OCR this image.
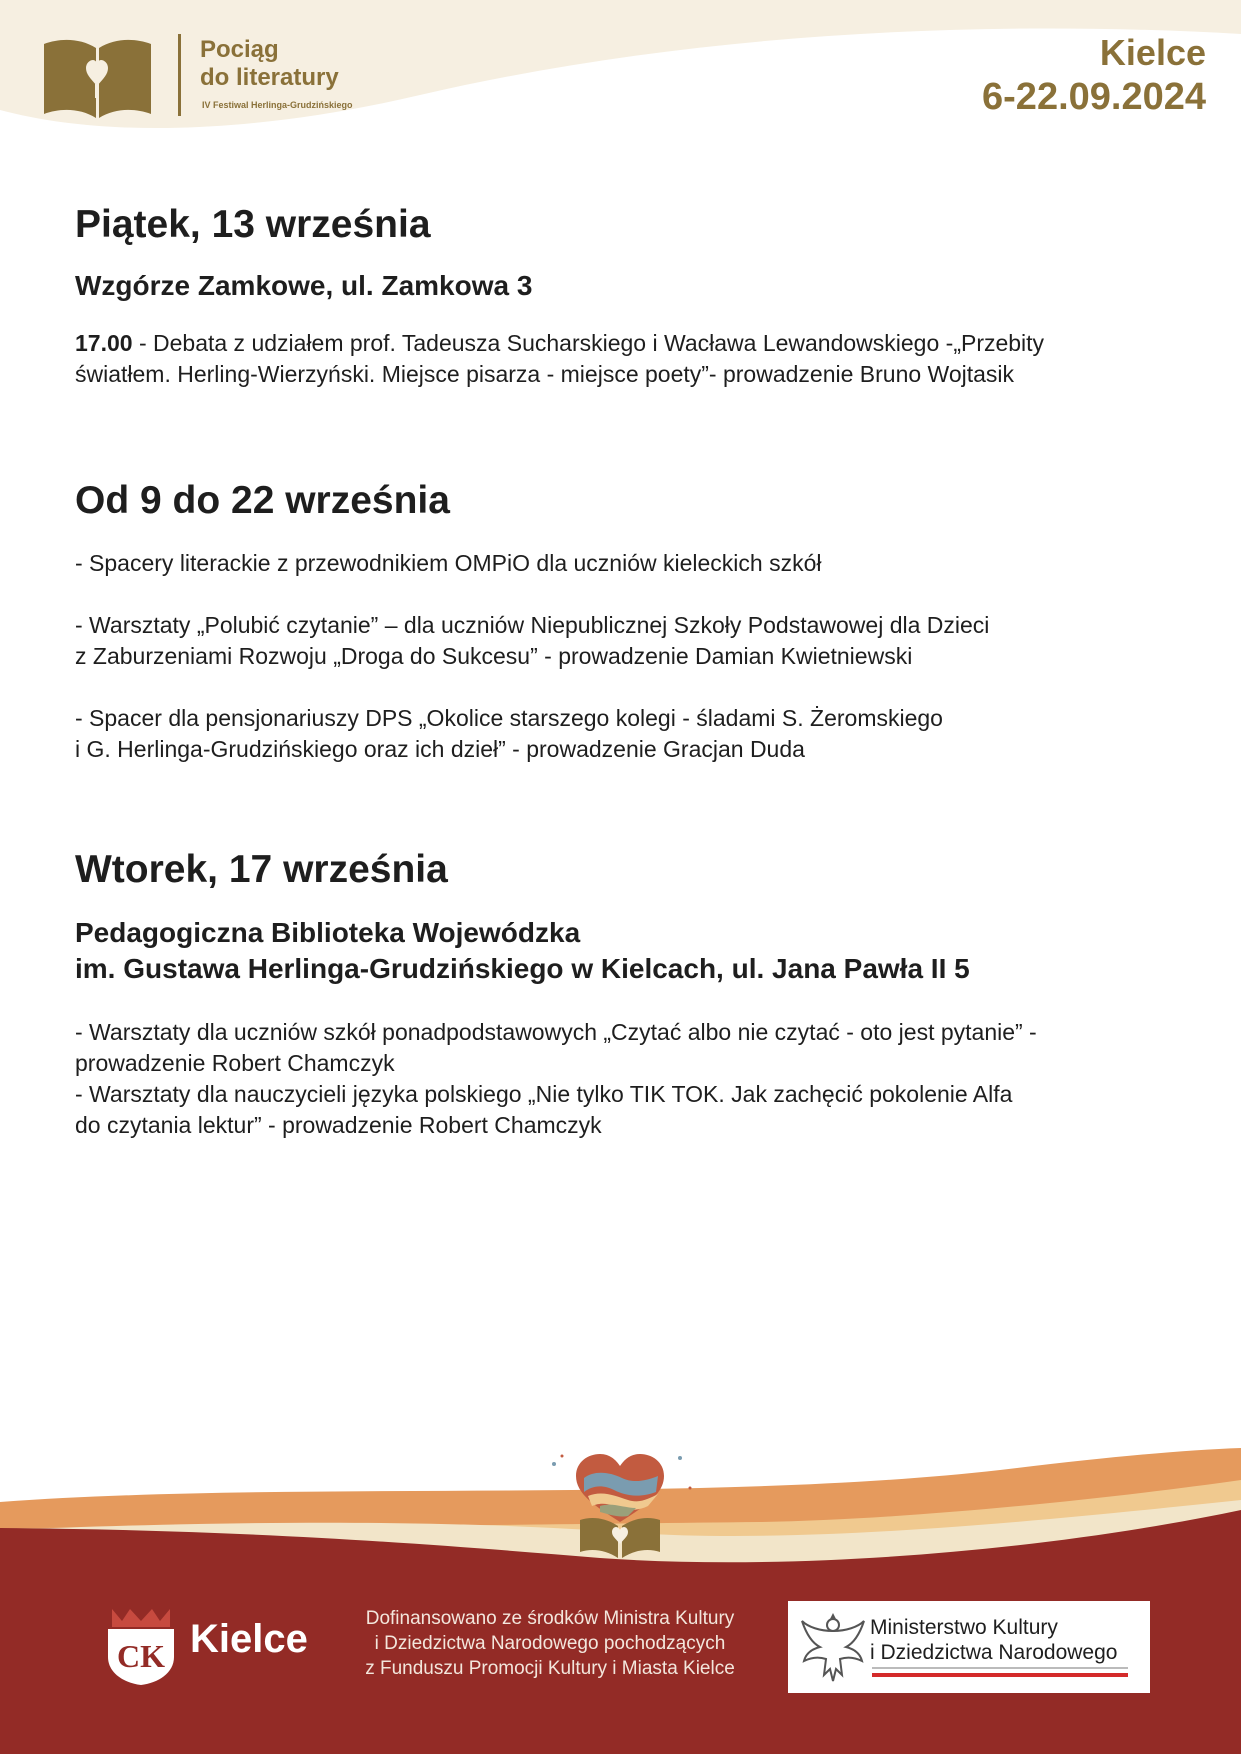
Pociąg
do literatury
IV Festiwal Herlinga-Grudzińskiego
Kielce
6-22.09.2024
Piątek, 13 września

Wzgórze Zamkowe, ul. Zamkowa 3

17.00 - Debata z udziałem prof. Tadeusza Sucharskiego i Wacława Lewandowskiego -„Przebity
światłem. Herling-Wierzyński. Miejsce pisarza - miejsce poety”- prowadzenie Bruno Wojtasik

Od 9 do 22 września

- Spacery literackie z przewodnikiem OMPiO dla uczniów kieleckich szkół

- Warsztaty „Polubić czytanie” – dla uczniów Niepublicznej Szkoły Podstawowej dla Dzieci
z Zaburzeniami Rozwoju „Droga do Sukcesu” - prowadzenie Damian Kwietniewski

- Spacer dla pensjonariuszy DPS „Okolice starszego kolegi - śladami S. Żeromskiego
i G. Herlinga-Grudzińskiego oraz ich dzieł” - prowadzenie Gracjan Duda

Wtorek, 17 września

Pedagogiczna Biblioteka Wojewódzka
im. Gustawa Herlinga-Grudzińskiego w Kielcach, ul. Jana Pawła II 5

- Warsztaty dla uczniów szkół ponadpodstawowych „Czytać albo nie czytać - oto jest pytanie” -
prowadzenie Robert Chamczyk

- Warsztaty dla nauczycieli języka polskiego „Nie tylko TIK TOK. Jak zachęcić pokolenie Alfa
do czytania lektur” - prowadzenie Robert Chamczyk

CK Kielce	Dofinansowano ze środków Ministra Kultury
i Dziedzictwa Narodowego pochodzących
z Funduszu Promocji Kultury i Miasta Kielce
Ministerstwo Kultury
i Dziedzictwa Narodowego
